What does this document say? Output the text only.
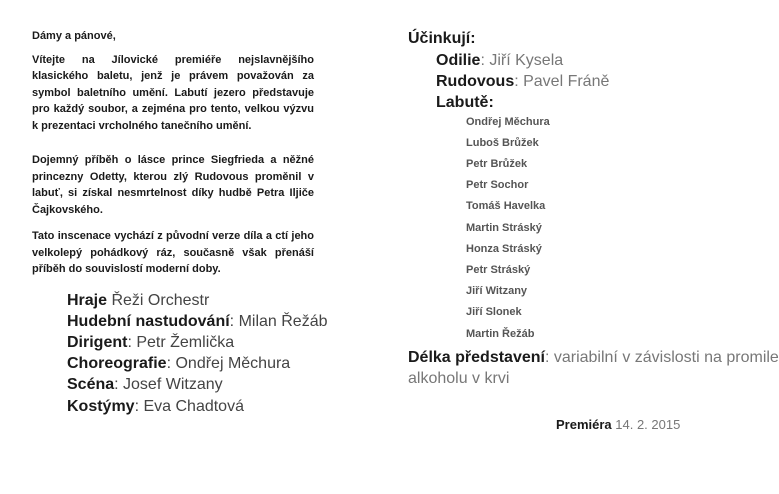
Dámy a pánové,

Vítejte na Jílovické premiéře nejslavnějšího klasického baletu, jenž je právem považován za symbol baletního umění. Labutí jezero představuje pro každý soubor, a zejména pro tento, velkou výzvu k prezentaci vrcholného tanečního umění.

Dojemný příběh o lásce prince Siegfrieda a něžné princezny Odetty, kterou zlý Rudovous proměnil v labuť, si získal nesmrtelnost díky hudbě Petra Iljiče Čajkovského.

Tato inscenace vychází z původní verze díla a ctí jeho velkolepý pohádkový ráz, současně však přenáší příběh do souvislostí moderní doby.

Hraje Řeži Orchestr
Hudební nastudování: Milan Řežáb
Dirigent: Petr Žemlička
Choreografie: Ondřej Měchura
Scéna: Josef Witzany
Kostýmy: Eva Chadtová
Účinkují:
Odilie: Jiří Kysela
Rudovous: Pavel Fráně
Labutě:
Ondřej Měchura
Luboš Brůžek
Petr Brůžek
Petr Sochor
Tomáš Havelka
Martin Stráský
Honza Stráský
Petr Stráský
Jiří Witzany
Jiří Slonek
Martin Řežáb
Délka představení: variabilní v závislosti na promile
alkoholu v krvi
Premiéra 14. 2. 2015
